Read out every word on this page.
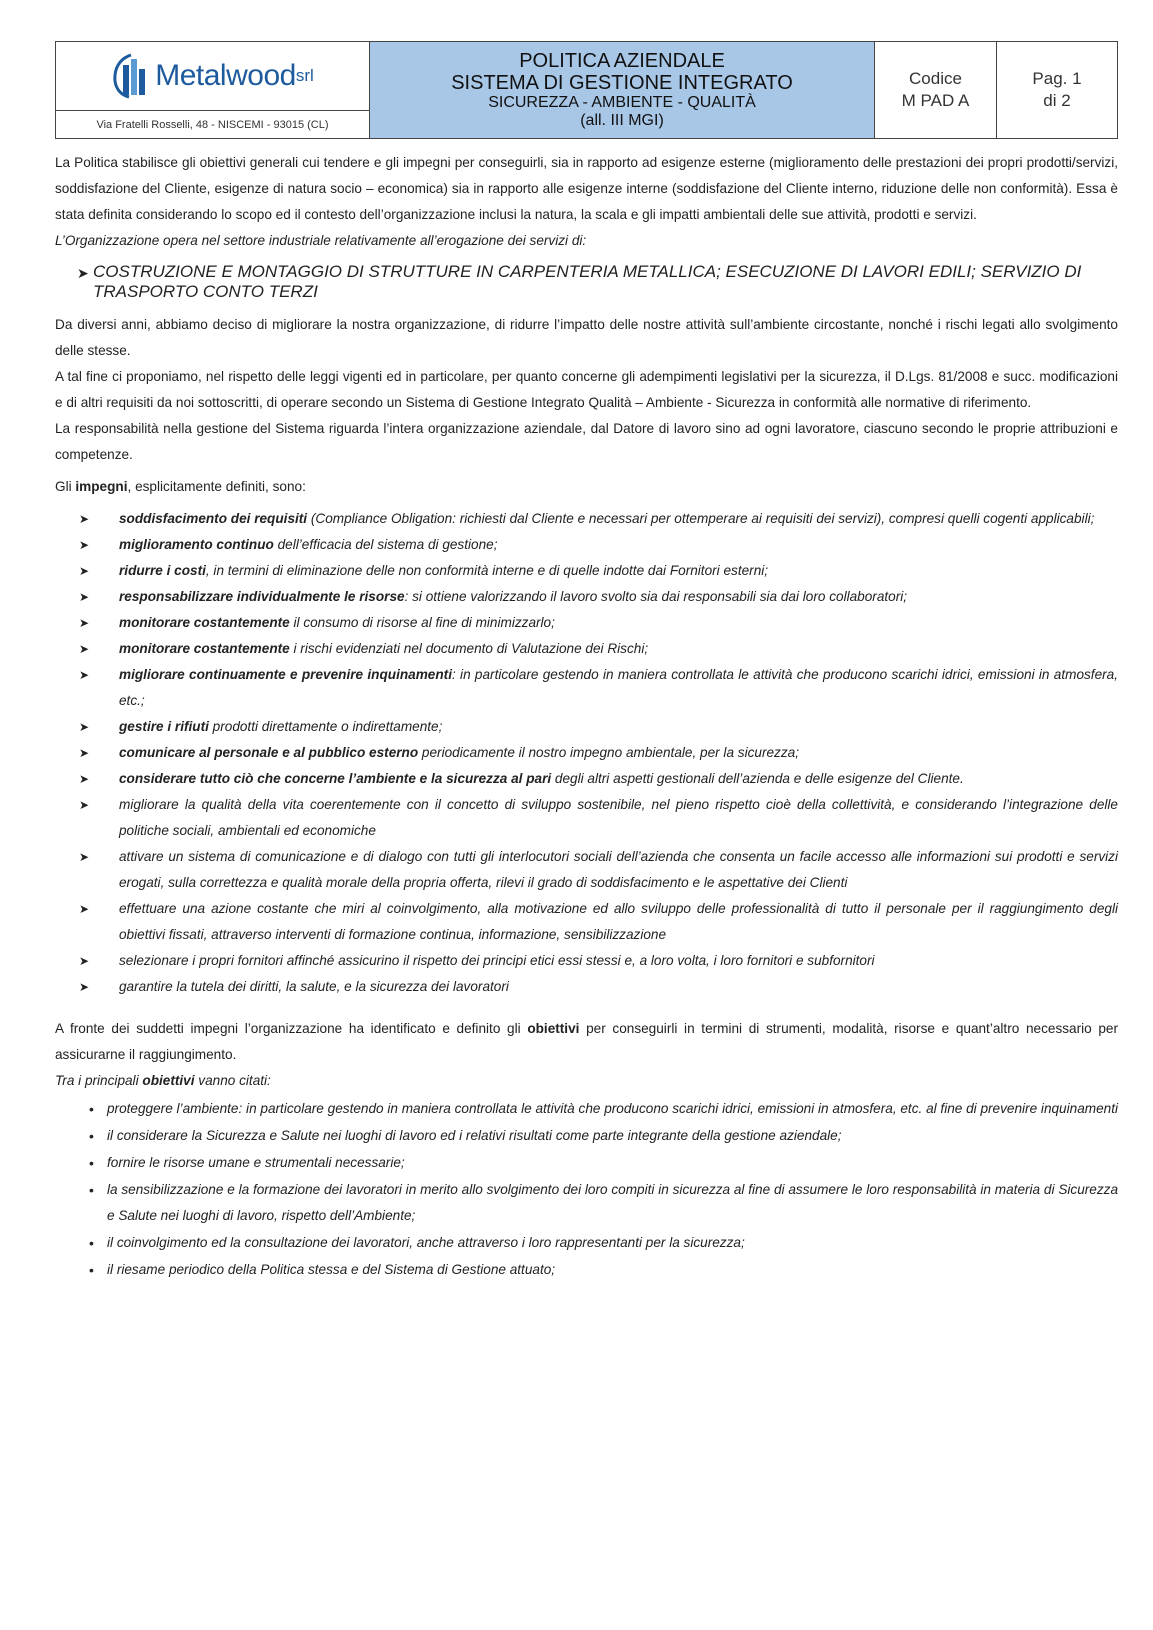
Metalwood srl
Via Fratelli Rosselli, 48 - NISCEMI - 93015 (CL)
POLITICA AZIENDALE
SISTEMA DI GESTIONE INTEGRATO
SICUREZZA - AMBIENTE - QUALITÀ
(all. III MGI)
Codice
M PAD A
Pag. 1
di 2

La Politica stabilisce gli obiettivi generali cui tendere e gli impegni per conseguirli, sia in rapporto ad esigenze esterne (miglioramento delle prestazioni dei propri prodotti/servizi, soddisfazione del Cliente, esigenze di natura socio – economica) sia in rapporto alle esigenze interne (soddisfazione del Cliente interno, riduzione delle non conformità). Essa è stata definita considerando lo scopo ed il contesto dell’organizzazione inclusi la natura, la scala e gli impatti ambientali delle sue attività, prodotti e servizi.

L’Organizzazione opera nel settore industriale relativamente all’erogazione dei servizi di:

➤ COSTRUZIONE E MONTAGGIO DI STRUTTURE IN CARPENTERIA METALLICA; ESECUZIONE DI LAVORI EDILI; SERVIZIO DI TRASPORTO CONTO TERZI

Da diversi anni, abbiamo deciso di migliorare la nostra organizzazione, di ridurre l’impatto delle nostre attività sull’ambiente circostante, nonché i rischi legati allo svolgimento delle stesse.

A tal fine ci proponiamo, nel rispetto delle leggi vigenti ed in particolare, per quanto concerne gli adempimenti legislativi per la sicurezza, il D.Lgs. 81/2008 e succ. modificazioni e di altri requisiti da noi sottoscritti, di operare secondo un Sistema di Gestione Integrato Qualità – Ambiente - Sicurezza in conformità alle normative di riferimento.

La responsabilità nella gestione del Sistema riguarda l’intera organizzazione aziendale, dal Datore di lavoro sino ad ogni lavoratore, ciascuno secondo le proprie attribuzioni e competenze.

Gli impegni, esplicitamente definiti, sono:

➤	soddisfacimento dei requisiti (Compliance Obligation: richiesti dal Cliente e necessari per ottemperare ai requisiti dei servizi), compresi quelli cogenti applicabili;
➤	miglioramento continuo dell’efficacia del sistema di gestione;
➤	ridurre i costi, in termini di eliminazione delle non conformità interne e di quelle indotte dai Fornitori esterni;
➤	responsabilizzare individualmente le risorse: si ottiene valorizzando il lavoro svolto sia dai responsabili sia dai loro collaboratori;
➤	monitorare costantemente il consumo di risorse al fine di minimizzarlo;
➤	monitorare costantemente i rischi evidenziati nel documento di Valutazione dei Rischi;
➤	migliorare continuamente e prevenire inquinamenti: in particolare gestendo in maniera controllata le attività che producono scarichi idrici, emissioni in atmosfera, etc.;
➤	gestire i rifiuti prodotti direttamente o indirettamente;
➤	comunicare al personale e al pubblico esterno periodicamente il nostro impegno ambientale, per la sicurezza;
➤	considerare tutto ciò che concerne l’ambiente e la sicurezza al pari degli altri aspetti gestionali dell’azienda e delle esigenze del Cliente.
➤	migliorare la qualità della vita coerentemente con il concetto di sviluppo sostenibile, nel pieno rispetto cioè della collettività, e considerando l’integrazione delle politiche sociali, ambientali ed economiche
➤	attivare un sistema di comunicazione e di dialogo con tutti gli interlocutori sociali dell’azienda che consenta un facile accesso alle informazioni sui prodotti e servizi erogati, sulla correttezza e qualità morale della propria offerta, rilevi il grado di soddisfacimento e le aspettative dei Clienti
➤	effettuare una azione costante che miri al coinvolgimento, alla motivazione ed allo sviluppo delle professionalità di tutto il personale per il raggiungimento degli obiettivi fissati, attraverso interventi di formazione continua, informazione, sensibilizzazione
➤	selezionare i propri fornitori affinché assicurino il rispetto dei principi etici essi stessi e, a loro volta, i loro fornitori e subfornitori
➤	garantire la tutela dei diritti, la salute, e la sicurezza dei lavoratori

A fronte dei suddetti impegni l’organizzazione ha identificato e definito gli obiettivi per conseguirli in termini di strumenti, modalità, risorse e quant’altro necessario per assicurarne il raggiungimento.

Tra i principali obiettivi vanno citati:

• proteggere l’ambiente: in particolare gestendo in maniera controllata le attività che producono scarichi idrici, emissioni in atmosfera, etc. al fine di prevenire inquinamenti
• il considerare la Sicurezza e Salute nei luoghi di lavoro ed i relativi risultati come parte integrante della gestione aziendale;
• fornire le risorse umane e strumentali necessarie;
• la sensibilizzazione e la formazione dei lavoratori in merito allo svolgimento dei loro compiti in sicurezza al fine di assumere le loro responsabilità in materia di Sicurezza e Salute nei luoghi di lavoro, rispetto dell’Ambiente;
• il coinvolgimento ed la consultazione dei lavoratori, anche attraverso i loro rappresentanti per la sicurezza;
• il riesame periodico della Politica stessa e del Sistema di Gestione attuato;
